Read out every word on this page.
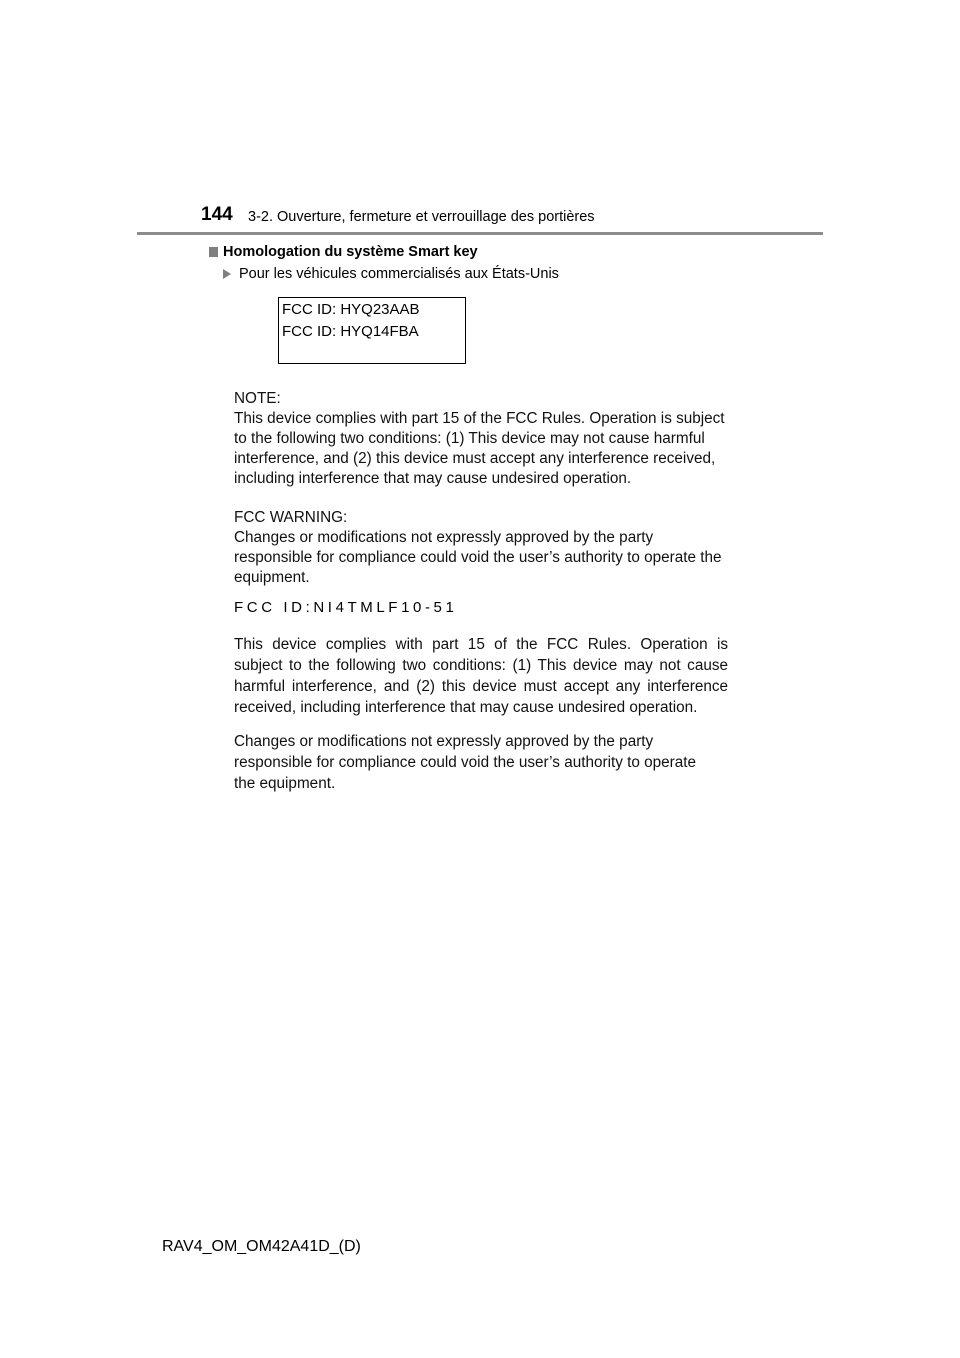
144 3-2. Ouverture, fermeture et verrouillage des portières
Homologation du système Smart key
Pour les véhicules commercialisés aux États-Unis
FCC ID: HYQ23AAB
FCC ID: HYQ14FBA
NOTE:
This device complies with part 15 of the FCC Rules. Operation is subject
to the following two conditions: (1) This device may not cause harmful
interference, and (2) this device must accept any interference received,
including interference that may cause undesired operation.
FCC WARNING:
Changes or modifications not expressly approved by the party
responsible for compliance could void the user’s authority to operate the
equipment.
FCC ID:NI4TMLF10-51
This device complies with part 15 of the FCC Rules. Operation is
subject to the following two conditions: (1) This device may not cause
harmful interference, and (2) this device must accept any interference
received, including interference that may cause undesired operation.
Changes or modifications not expressly approved by the party
responsible for compliance could void the user’s authority to operate
the equipment.
RAV4_OM_OM42A41D_(D)
